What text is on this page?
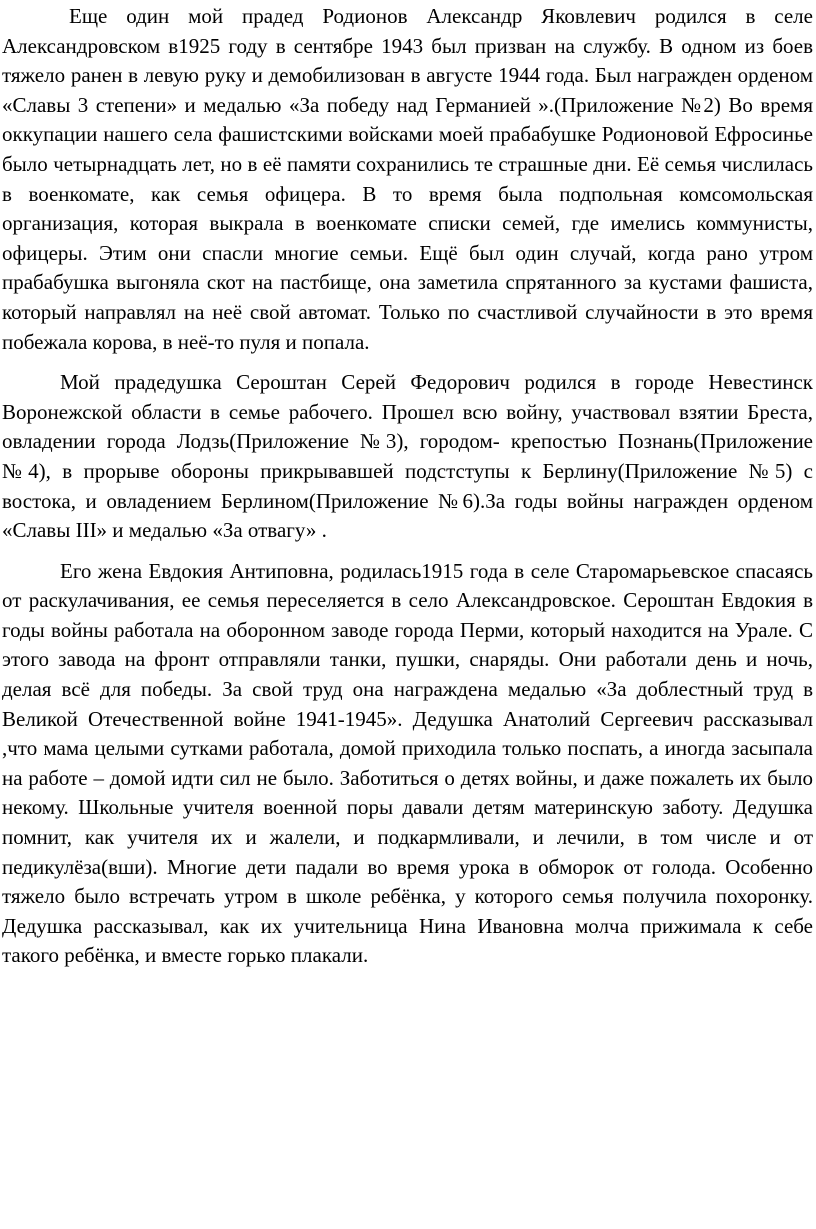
Еще один мой прадед Родионов Александр Яковлевич родился в селе Александровском в1925 году в сентябре 1943 был призван на службу. В одном из боев тяжело ранен в левую руку и демобилизован в августе 1944 года. Был награжден орденом «Славы 3 степени» и медалью «За победу над Германией ».(Приложение №2) Во время оккупации нашего села фашистскими войсками моей прабабушке Родионовой Ефросинье было четырнадцать лет, но в её памяти сохранились те страшные дни. Её семья числилась в военкомате, как семья офицера. В то время была подпольная комсомольская организация, которая выкрала в военкомате списки семей, где имелись коммунисты, офицеры. Этим они спасли многие семьи. Ещё был один случай, когда рано утром прабабушка выгоняла скот на пастбище, она заметила спрятанного за кустами фашиста, который направлял на неё свой автомат. Только по счастливой случайности в это время побежала корова, в неё-то пуля и попала.

Мой прадедушка Сероштан Серей Федорович родился в городе Невестинск Воронежской области в семье рабочего. Прошел всю войну, участвовал взятии Бреста, овладении города Лодзь(Приложение №3), городом- крепостью Познань(Приложение №4), в прорыве обороны прикрывавшей подстступы к Берлину(Приложение №5) с востока, и овладением Берлином(Приложение №6).За годы войны награжден орденом «Славы III» и медалью «За отвагу» .

Его жена Евдокия Антиповна, родилась1915 года в селе Старомарьевское спасаясь от раскулачивания, ее семья переселяется в село Александровское. Сероштан Евдокия в годы войны работала на оборонном заводе города Перми, который находится на Урале. С этого завода на фронт отправляли танки, пушки, снаряды. Они работали день и ночь, делая всё для победы. За свой труд она награждена медалью «За доблестный труд в Великой Отечественной войне 1941-1945». Дедушка Анатолий Сергеевич рассказывал ,что мама целыми сутками работала, домой приходила только поспать, а иногда засыпала на работе – домой идти сил не было. Заботиться о детях войны, и даже пожалеть их было некому. Школьные учителя военной поры давали детям материнскую заботу. Дедушка помнит, как учителя их и жалели, и подкармливали, и лечили, в том числе и от педикулёза(вши). Многие дети падали во время урока в обморок от голода. Особенно тяжело было встречать утром в школе ребёнка, у которого семья получила похоронку. Дедушка рассказывал, как их учительница Нина Ивановна молча прижимала к себе такого ребёнка, и вместе горько плакали.
